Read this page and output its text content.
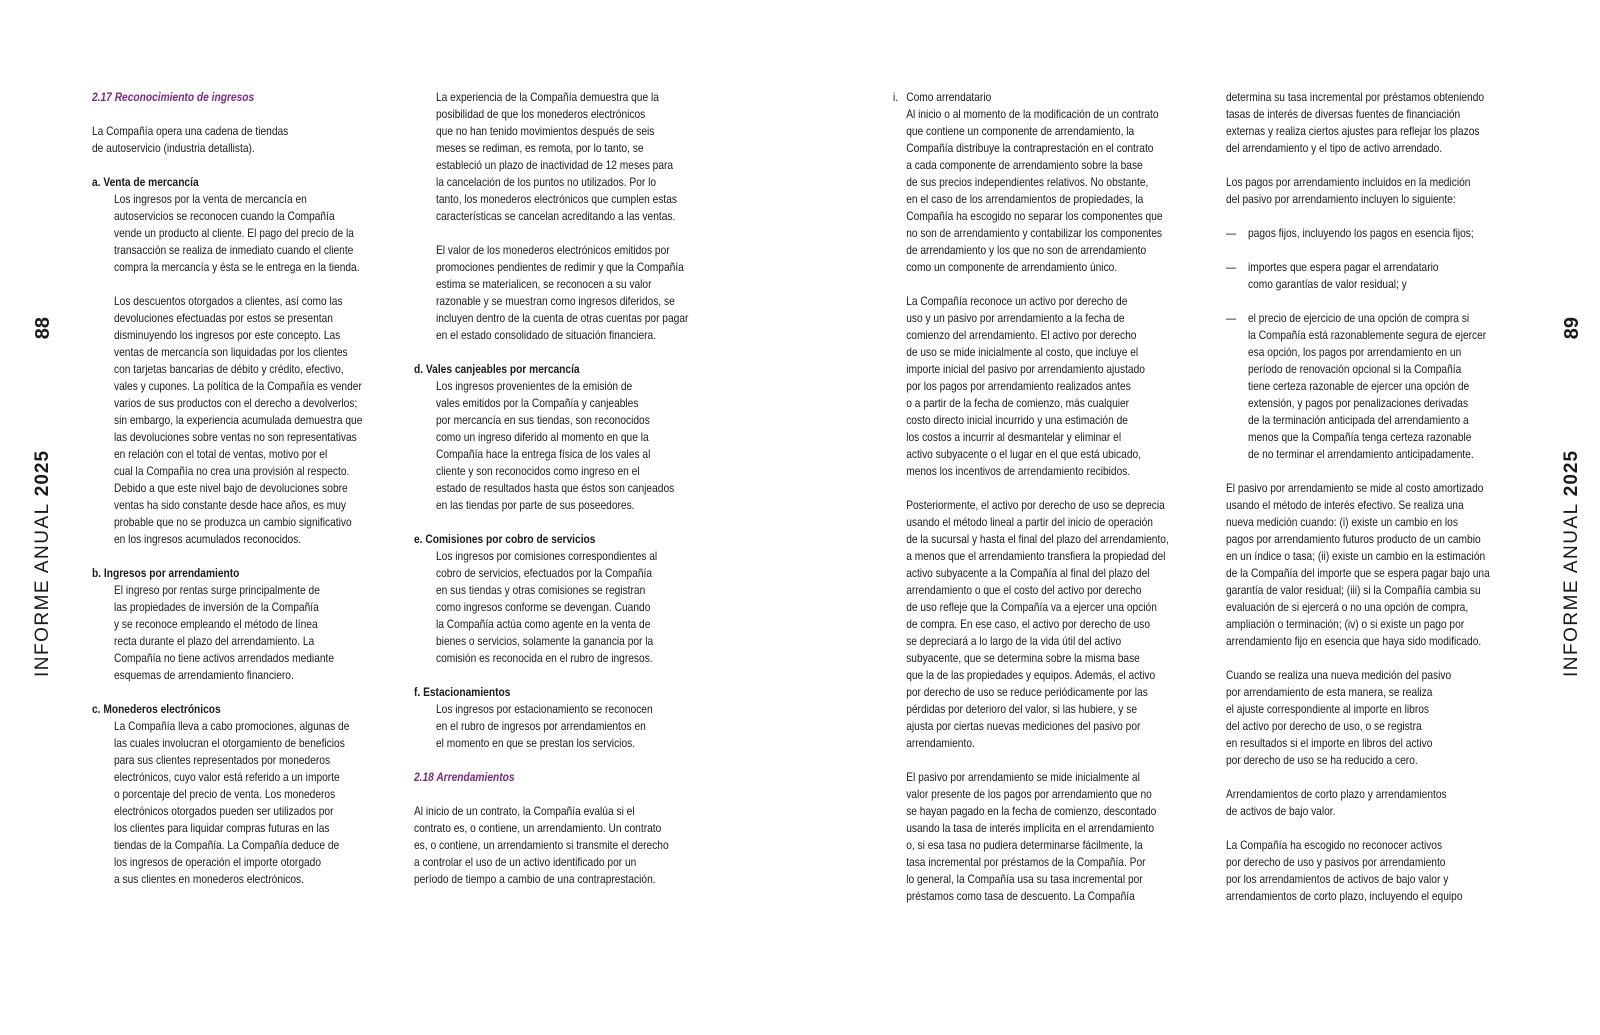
INFORME ANUAL 2025
88
INFORME ANUAL 2025
89
2.17 Reconocimiento de ingresos
La Compañía opera una cadena de tiendas
de autoservicio (industria detallista).
a. Venta de mercancía
Los ingresos por la venta de mercancía en
autoservicios se reconocen cuando la Compañía
vende un producto al cliente. El pago del precio de la
transacción se realiza de inmediato cuando el cliente
compra la mercancía y ésta se le entrega en la tienda.
Los descuentos otorgados a clientes, así como las
devoluciones efectuadas por estos se presentan
disminuyendo los ingresos por este concepto. Las
ventas de mercancía son liquidadas por los clientes
con tarjetas bancarias de débito y crédito, efectivo,
vales y cupones. La política de la Compañía es vender
varios de sus productos con el derecho a devolverlos;
sin embargo, la experiencia acumulada demuestra que
las devoluciones sobre ventas no son representativas
en relación con el total de ventas, motivo por el
cual la Compañía no crea una provisión al respecto.
Debido a que este nivel bajo de devoluciones sobre
ventas ha sido constante desde hace años, es muy
probable que no se produzca un cambio significativo
en los ingresos acumulados reconocidos.
b. Ingresos por arrendamiento
El ingreso por rentas surge principalmente de
las propiedades de inversión de la Compañía
y se reconoce empleando el método de línea
recta durante el plazo del arrendamiento. La
Compañía no tiene activos arrendados mediante
esquemas de arrendamiento financiero.
c. Monederos electrónicos
La Compañía lleva a cabo promociones, algunas de
las cuales involucran el otorgamiento de beneficios
para sus clientes representados por monederos
electrónicos, cuyo valor está referido a un importe
o porcentaje del precio de venta. Los monederos
electrónicos otorgados pueden ser utilizados por
los clientes para liquidar compras futuras en las
tiendas de la Compañía. La Compañía deduce de
los ingresos de operación el importe otorgado
a sus clientes en monederos electrónicos.
La experiencia de la Compañía demuestra que la
posibilidad de que los monederos electrónicos
que no han tenido movimientos después de seis
meses se rediman, es remota, por lo tanto, se
estableció un plazo de inactividad de 12 meses para
la cancelación de los puntos no utilizados. Por lo
tanto, los monederos electrónicos que cumplen estas
características se cancelan acreditando a las ventas.
El valor de los monederos electrónicos emitidos por
promociones pendientes de redimir y que la Compañía
estima se materialicen, se reconocen a su valor
razonable y se muestran como ingresos diferidos, se
incluyen dentro de la cuenta de otras cuentas por pagar
en el estado consolidado de situación financiera.
d. Vales canjeables por mercancía
Los ingresos provenientes de la emisión de
vales emitidos por la Compañía y canjeables
por mercancía en sus tiendas, son reconocidos
como un ingreso diferido al momento en que la
Compañía hace la entrega física de los vales al
cliente y son reconocidos como ingreso en el
estado de resultados hasta que éstos son canjeados
en las tiendas por parte de sus poseedores.
e. Comisiones por cobro de servicios
Los ingresos por comisiones correspondientes al
cobro de servicios, efectuados por la Compañía
en sus tiendas y otras comisiones se registran
como ingresos conforme se devengan. Cuando
la Compañía actúa como agente en la venta de
bienes o servicios, solamente la ganancia por la
comisión es reconocida en el rubro de ingresos.
f. Estacionamientos
Los ingresos por estacionamiento se reconocen
en el rubro de ingresos por arrendamientos en
el momento en que se prestan los servicios.
2.18 Arrendamientos
Al inicio de un contrato, la Compañía evalúa si el
contrato es, o contiene, un arrendamiento. Un contrato
es, o contiene, un arrendamiento si transmite el derecho
a controlar el uso de un activo identificado por un
período de tiempo a cambio de una contraprestación.
i. Como arrendatario
Al inicio o al momento de la modificación de un contrato
que contiene un componente de arrendamiento, la
Compañía distribuye la contraprestación en el contrato
a cada componente de arrendamiento sobre la base
de sus precios independientes relativos. No obstante,
en el caso de los arrendamientos de propiedades, la
Compañía ha escogido no separar los componentes que
no son de arrendamiento y contabilizar los componentes
de arrendamiento y los que no son de arrendamiento
como un componente de arrendamiento único.
La Compañía reconoce un activo por derecho de
uso y un pasivo por arrendamiento a la fecha de
comienzo del arrendamiento. El activo por derecho
de uso se mide inicialmente al costo, que incluye el
importe inicial del pasivo por arrendamiento ajustado
por los pagos por arrendamiento realizados antes
o a partir de la fecha de comienzo, más cualquier
costo directo inicial incurrido y una estimación de
los costos a incurrir al desmantelar y eliminar el
activo subyacente o el lugar en el que está ubicado,
menos los incentivos de arrendamiento recibidos.
Posteriormente, el activo por derecho de uso se deprecia
usando el método lineal a partir del inicio de operación
de la sucursal y hasta el final del plazo del arrendamiento,
a menos que el arrendamiento transfiera la propiedad del
activo subyacente a la Compañía al final del plazo del
arrendamiento o que el costo del activo por derecho
de uso refleje que la Compañía va a ejercer una opción
de compra. En ese caso, el activo por derecho de uso
se depreciará a lo largo de la vida útil del activo
subyacente, que se determina sobre la misma base
que la de las propiedades y equipos. Además, el activo
por derecho de uso se reduce periódicamente por las
pérdidas por deterioro del valor, si las hubiere, y se
ajusta por ciertas nuevas mediciones del pasivo por
arrendamiento.
El pasivo por arrendamiento se mide inicialmente al
valor presente de los pagos por arrendamiento que no
se hayan pagado en la fecha de comienzo, descontado
usando la tasa de interés implícita en el arrendamiento
o, si esa tasa no pudiera determinarse fácilmente, la
tasa incremental por préstamos de la Compañía. Por
lo general, la Compañía usa su tasa incremental por
préstamos como tasa de descuento. La Compañía
determina su tasa incremental por préstamos obteniendo
tasas de interés de diversas fuentes de financiación
externas y realiza ciertos ajustes para reflejar los plazos
del arrendamiento y el tipo de activo arrendado.
Los pagos por arrendamiento incluidos en la medición
del pasivo por arrendamiento incluyen lo siguiente:
— pagos fijos, incluyendo los pagos en esencia fijos;
— importes que espera pagar el arrendatario
como garantías de valor residual; y
— el precio de ejercicio de una opción de compra si
la Compañía está razonablemente segura de ejercer
esa opción, los pagos por arrendamiento en un
período de renovación opcional si la Compañía
tiene certeza razonable de ejercer una opción de
extensión, y pagos por penalizaciones derivadas
de la terminación anticipada del arrendamiento a
menos que la Compañía tenga certeza razonable
de no terminar el arrendamiento anticipadamente.
El pasivo por arrendamiento se mide al costo amortizado
usando el método de interés efectivo. Se realiza una
nueva medición cuando: (i) existe un cambio en los
pagos por arrendamiento futuros producto de un cambio
en un índice o tasa; (ii) existe un cambio en la estimación
de la Compañía del importe que se espera pagar bajo una
garantía de valor residual; (iii) si la Compañía cambia su
evaluación de si ejercerá o no una opción de compra,
ampliación o terminación; (iv) o si existe un pago por
arrendamiento fijo en esencia que haya sido modificado.
Cuando se realiza una nueva medición del pasivo
por arrendamiento de esta manera, se realiza
el ajuste correspondiente al importe en libros
del activo por derecho de uso, o se registra
en resultados si el importe en libros del activo
por derecho de uso se ha reducido a cero.
Arrendamientos de corto plazo y arrendamientos
de activos de bajo valor.
La Compañía ha escogido no reconocer activos
por derecho de uso y pasivos por arrendamiento
por los arrendamientos de activos de bajo valor y
arrendamientos de corto plazo, incluyendo el equipo
